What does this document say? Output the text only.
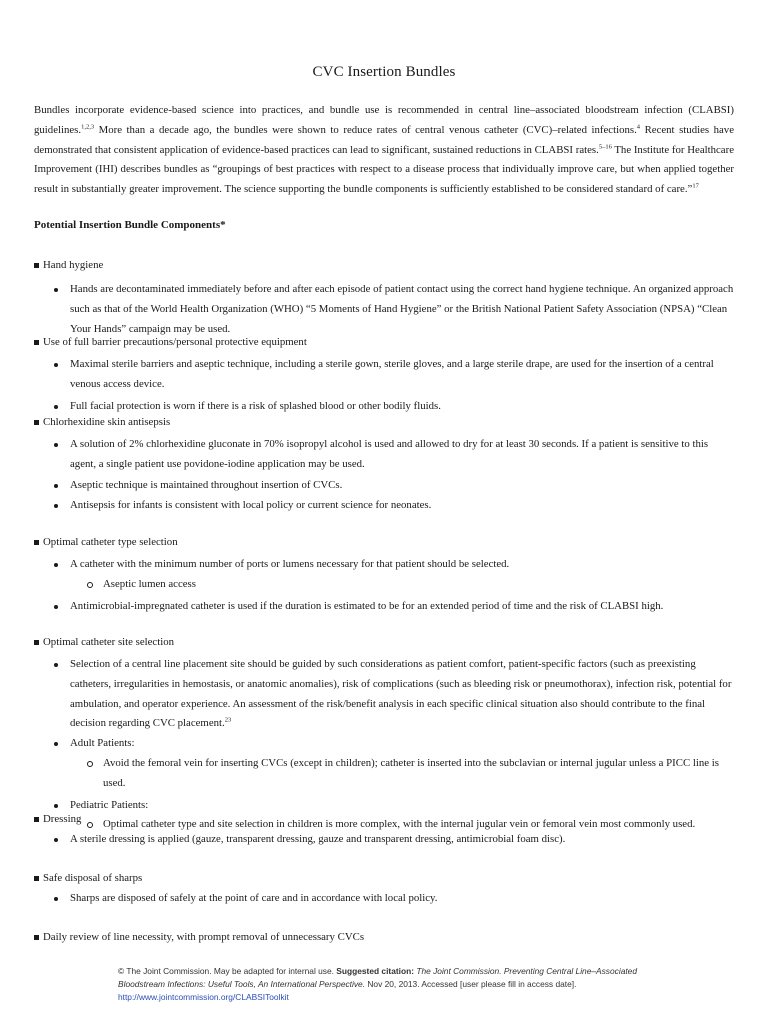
CVC Insertion Bundles
Bundles incorporate evidence-based science into practices, and bundle use is recommended in central line–associated bloodstream infection (CLABSI) guidelines.$^{1,2,3}$ More than a decade ago, the bundles were shown to reduce rates of central venous catheter (CVC)–related infections.$^4$ Recent studies have demonstrated that consistent application of evidence-based practices can lead to significant, sustained reductions in CLABSI rates.$^{5-16}$ The Institute for Healthcare Improvement (IHI) describes bundles as “groupings of best practices with respect to a disease process that individually improve care, but when applied together result in substantially greater improvement. The science supporting the bundle components is sufficiently established to be considered standard of care.”$^{17}$
Potential Insertion Bundle Components*
Hand hygiene
Hands are decontaminated immediately before and after each episode of patient contact using the correct hand hygiene technique. An organized approach such as that of the World Health Organization (WHO) “5 Moments of Hand Hygiene” or the British National Patient Safety Association (NPSA) “Clean Your Hands” campaign may be used.
Use of full barrier precautions/personal protective equipment
Maximal sterile barriers and aseptic technique, including a sterile gown, sterile gloves, and a large sterile drape, are used for the insertion of a central venous access device.
Full facial protection is worn if there is a risk of splashed blood or other bodily fluids.
Chlorhexidine skin antisepsis
A solution of 2% chlorhexidine gluconate in 70% isopropyl alcohol is used and allowed to dry for at least 30 seconds. If a patient is sensitive to this agent, a single patient use povidone-iodine application may be used.
Aseptic technique is maintained throughout insertion of CVCs.
Antisepsis for infants is consistent with local policy or current science for neonates.
Optimal catheter type selection
A catheter with the minimum number of ports or lumens necessary for that patient should be selected.
Aseptic lumen access
Antimicrobial-impregnated catheter is used if the duration is estimated to be for an extended period of time and the risk of CLABSI high.
Optimal catheter site selection
Selection of a central line placement site should be guided by such considerations as patient comfort, patient-specific factors (such as preexisting catheters, irregularities in hemostasis, or anatomic anomalies), risk of complications (such as bleeding risk or pneumothorax), infection risk, potential for ambulation, and operator experience. An assessment of the risk/benefit analysis in each specific clinical situation also should contribute to the final decision regarding CVC placement.$^{23}$
Adult Patients:
Avoid the femoral vein for inserting CVCs (except in children); catheter is inserted into the subclavian or internal jugular unless a PICC line is used.
Pediatric Patients:
Optimal catheter type and site selection in children is more complex, with the internal jugular vein or femoral vein most commonly used.
Dressing
A sterile dressing is applied (gauze, transparent dressing, gauze and transparent dressing, antimicrobial foam disc).
Safe disposal of sharps
Sharps are disposed of safely at the point of care and in accordance with local policy.
Daily review of line necessity, with prompt removal of unnecessary CVCs
© The Joint Commission. May be adapted for internal use. Suggested citation: The Joint Commission. Preventing Central Line–Associated Bloodstream Infections: Useful Tools, An International Perspective. Nov 20, 2013. Accessed [user please fill in access date]. http://www.jointcommission.org/CLABSIToolkit
